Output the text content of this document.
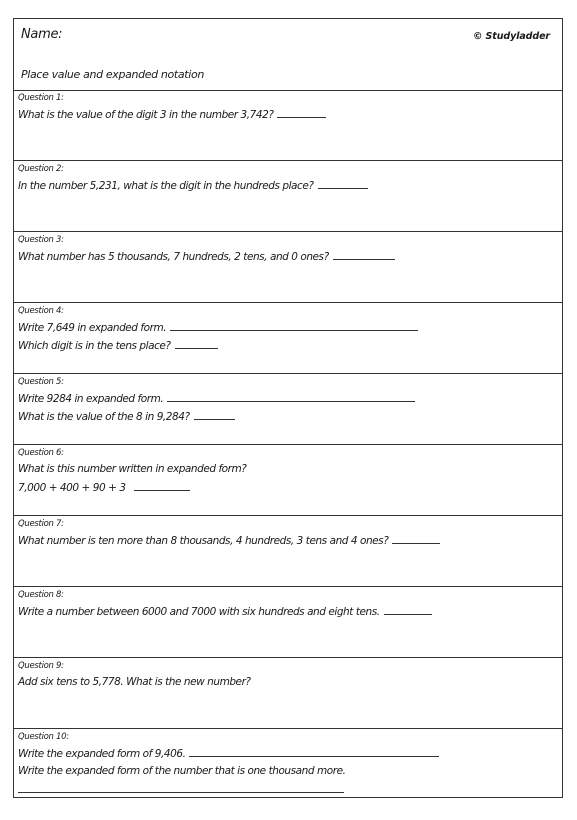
Name:	© Studyladder
Place value and expanded notation
Question 1:
What is the value of the digit 3 in the number 3,742?
Question 2:
In the number 5,231, what is the digit in the hundreds place?
Question 3:
What number has 5 thousands, 7 hundreds, 2 tens, and 0 ones?
Question 4:
Write 7,649 in expanded form.
Which digit is in the tens place?
Question 5:
Write 9284 in expanded form.
What is the value of the 8 in 9,284?
Question 6:
What is this number written in expanded form?
7,000 + 400 + 90 + 3
Question 7:
What number is ten more than 8 thousands, 4 hundreds, 3 tens and 4 ones?
Question 8:
Write a number between 6000 and 7000 with six hundreds and eight tens.
Question 9:
Add six tens to 5,778. What is the new number?
Question 10:
Write the expanded form of 9,406.
Write the expanded form of the number that is one thousand more.
